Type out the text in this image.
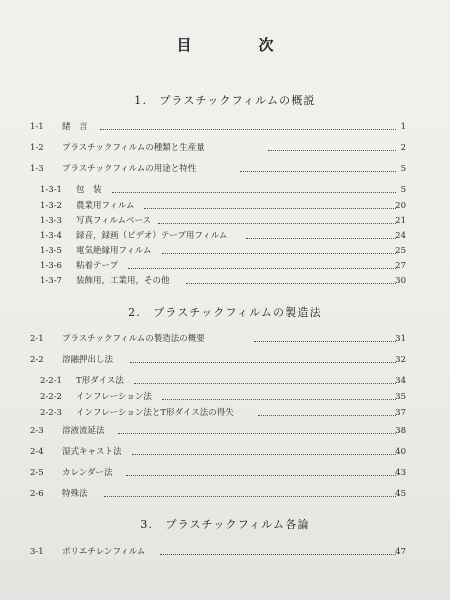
目　次
1.　プラスチックフィルムの概説
1-1 緒　言	1
1-2 プラスチックフィルムの種類と生産量	2
1-3 プラスチックフィルムの用途と特性	5
1-3-1 包　装	5
1-3-2 農業用フィルム	20
1-3-3 写真フィルムベース	21
1-3-4 録音，録画（ビデオ）テープ用フィルム	24
1-3-5 電気絶縁用フィルム	25
1-3-6 粘着テープ	27
1-3-7 装飾用，工業用，その他	30
2.　プラスチックフィルムの製造法
2-1 プラスチックフィルムの製造法の概要	31
2-2 溶融押出し法	32
2-2-1 T形ダイス法	34
2-2-2 インフレーション法	35
2-2-3 インフレーション法とT形ダイス法の得失	37
2-3 溶液流延法	38
2-4 湿式キャスト法	40
2-5 カレンダー法	43
2-6 特殊法	45
3.　プラスチックフィルム各論
3-1 ポリエチレンフィルム	47
